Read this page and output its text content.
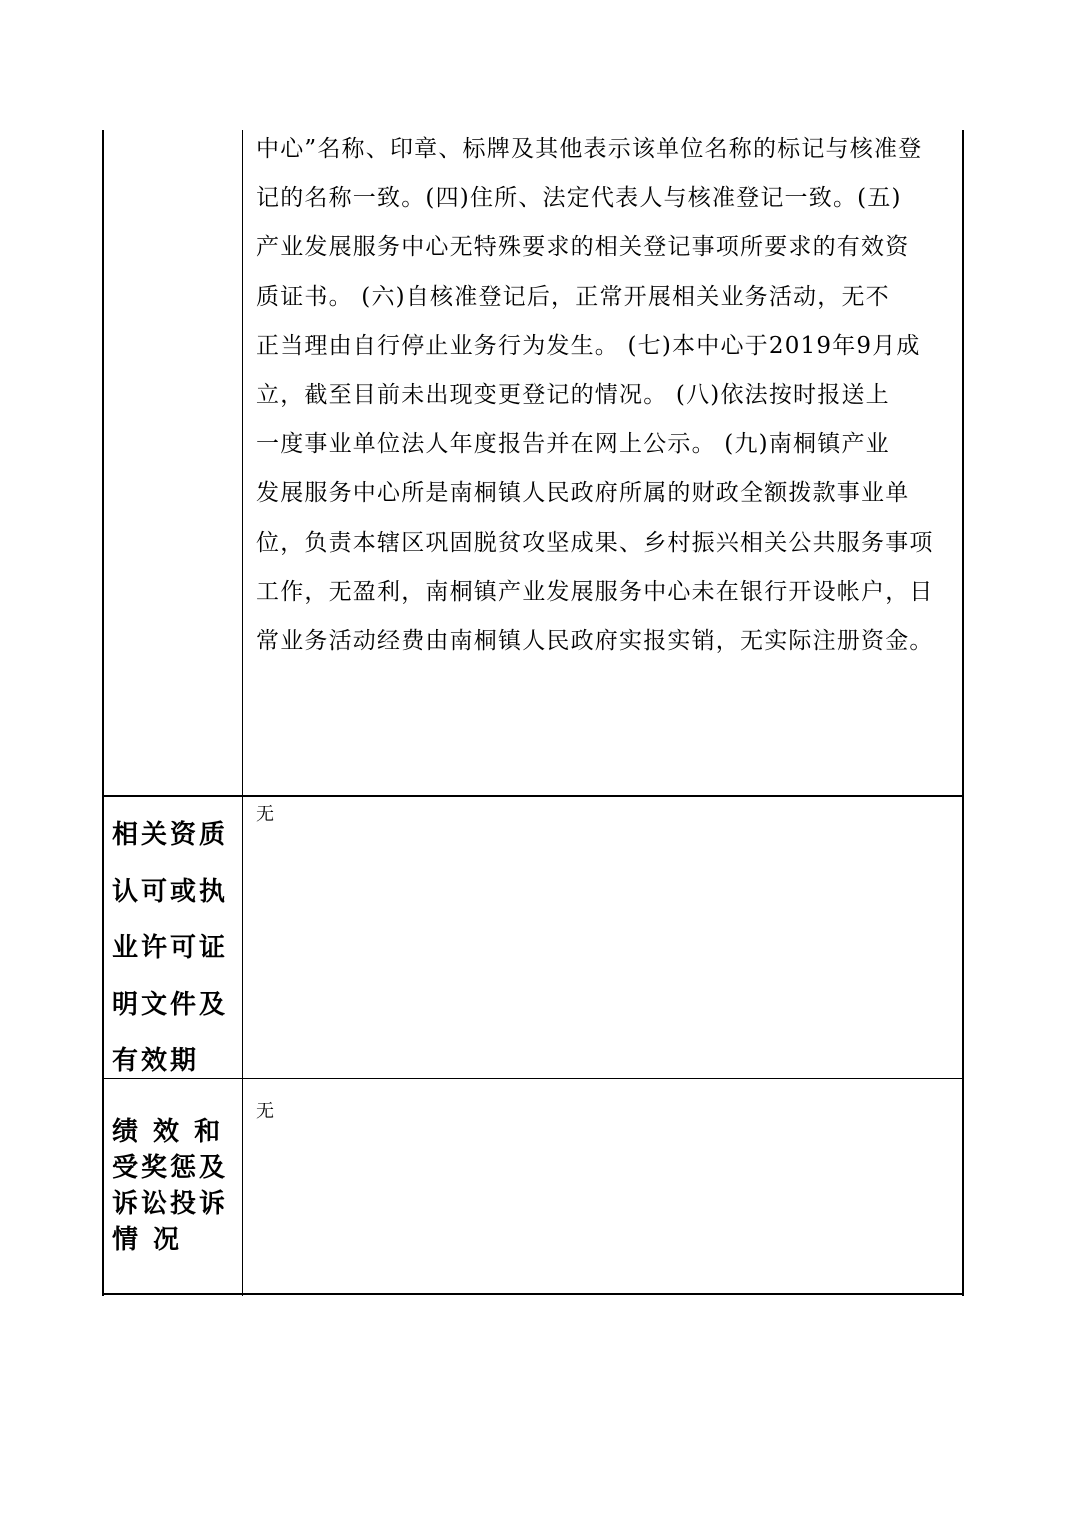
中心”名称、印章、标牌及其他表示该单位名称的标记与核准登
记的名称一致。(四)住所、法定代表人与核准登记一致。(五)
产业发展服务中心无特殊要求的相关登记事项所要求的有效资
质证书。 (六)自核准登记后，正常开展相关业务活动，无不
正当理由自行停止业务行为发生。 (七)本中心于2019年9月成
立，截至目前未出现变更登记的情况。 (八)依法按时报送上
一度事业单位法人年度报告并在网上公示。 (九)南桐镇产业
发展服务中心所是南桐镇人民政府所属的财政全额拨款事业单
位，负责本辖区巩固脱贫攻坚成果、乡村振兴相关公共服务事项
工作，无盈利，南桐镇产业发展服务中心未在银行开设帐户，日
常业务活动经费由南桐镇人民政府实报实销，无实际注册资金。
相关资质
认可或执
业许可证
明文件及
有效期
无
绩 效 和
受奖惩及
诉讼投诉
情 况
无
